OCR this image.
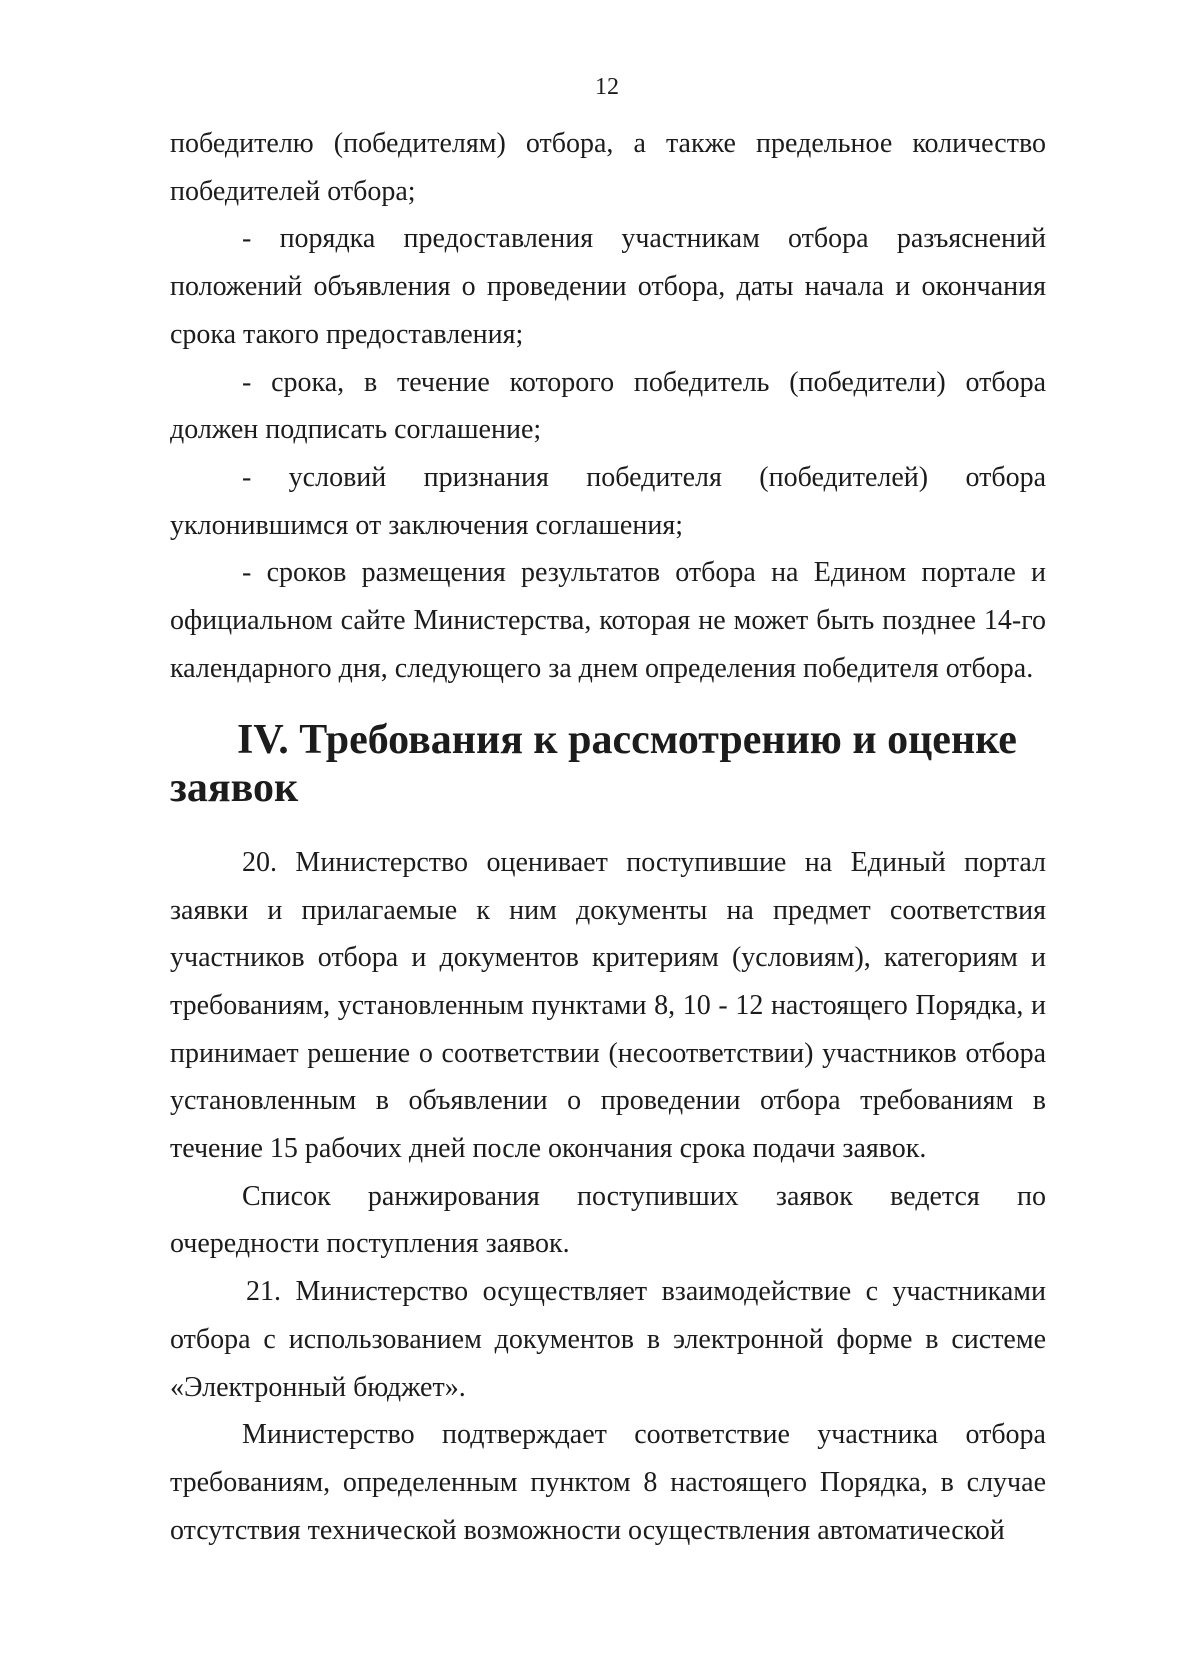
12

победителю (победителям) отбора, а также предельное количество победителей отбора;

- порядка предоставления участникам отбора разъяснений положений объявления о проведении отбора, даты начала и окончания срока такого предоставления;

- срока, в течение которого победитель (победители) отбора должен подписать соглашение;

- условий признания победителя (победителей) отбора уклонившимся от заключения соглашения;

- сроков размещения результатов отбора на Едином портале и официальном сайте Министерства, которая не может быть позднее 14-го календарного дня, следующего за днем определения победителя отбора.

IV. Требования к рассмотрению и оценке заявок

20. Министерство оценивает поступившие на Единый портал заявки и прилагаемые к ним документы на предмет соответствия участников отбора и документов критериям (условиям), категориям и требованиям, установленным пунктами 8, 10 - 12 настоящего Порядка, и принимает решение о соответствии (несоответствии) участников отбора установленным в объявлении о проведении отбора требованиям в течение 15 рабочих дней после окончания срока подачи заявок.

Список ранжирования поступивших заявок ведется по очередности поступления заявок.

21. Министерство осуществляет взаимодействие с участниками отбора с использованием документов в электронной форме в системе «Электронный бюджет».

Министерство подтверждает соответствие участника отбора требованиям, определенным пунктом 8 настоящего Порядка, в случае отсутствия технической возможности осуществления автоматической
